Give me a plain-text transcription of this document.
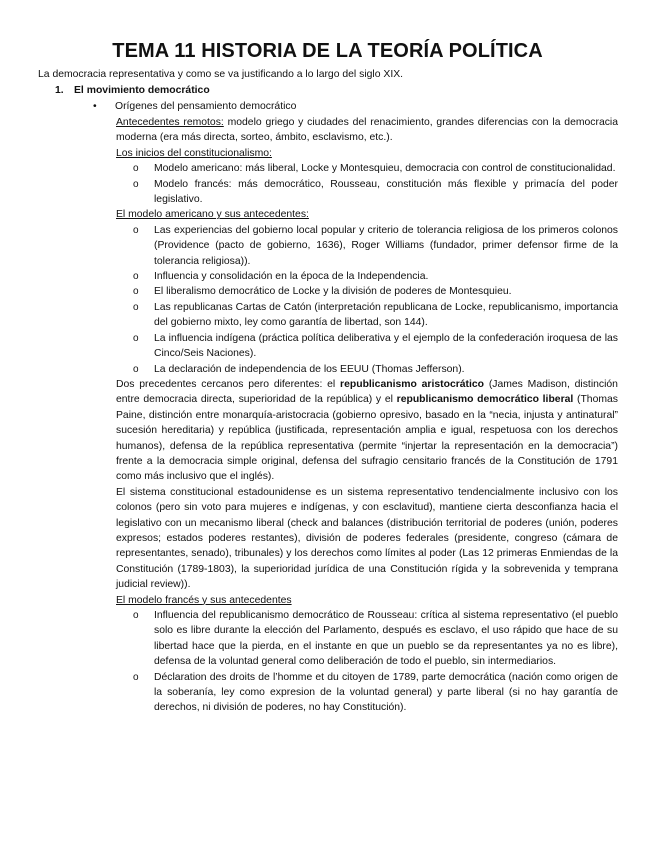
TEMA 11 HISTORIA DE LA TEORÍA POLÍTICA
La democracia representativa y como se va justificando a lo largo del siglo XIX.
1. El movimiento democrático
• Orígenes del pensamiento democrático

Antecedentes remotos: modelo griego y ciudades del renacimiento, grandes diferencias con la democracia moderna (era más directa, sorteo, ámbito, esclavismo, etc.).

Los inicios del constitucionalismo:

o Modelo americano: más liberal, Locke y Montesquieu, democracia con control de constitucionalidad.
o Modelo francés: más democrático, Rousseau, constitución más flexible y primacía del poder legislativo.

El modelo americano y sus antecedentes:

o Las experiencias del gobierno local popular y criterio de tolerancia religiosa de los primeros colonos (Providence (pacto de gobierno, 1636), Roger Williams (fundador, primer defensor firme de la tolerancia religiosa)).
o Influencia y consolidación en la época de la Independencia.
o El liberalismo democrático de Locke y la división de poderes de Montesquieu.
o Las republicanas Cartas de Catón (interpretación republicana de Locke, republicanismo, importancia del gobierno mixto, ley como garantía de libertad, son 144).
o La influencia indígena (práctica política deliberativa y el ejemplo de la confederación iroquesa de las Cinco/Seis Naciones).
o La declaración de independencia de los EEUU (Thomas Jefferson).

Dos precedentes cercanos pero diferentes: el republicanismo aristocrático (James Madison, distinción entre democracia directa, superioridad de la república) y el republicanismo democrático liberal (Thomas Paine, distinción entre monarquía-aristocracia (gobierno opresivo, basado en la “necia, injusta y antinatural” sucesión hereditaria) y república (justificada, representación amplia e igual, respetuosa con los derechos humanos), defensa de la república representativa (permite “injertar la representación en la democracia”) frente a la democracia simple original, defensa del sufragio censitario francés de la Constitución de 1791 como más inclusivo que el inglés).

El sistema constitucional estadounidense es un sistema representativo tendencialmente inclusivo con los colonos (pero sin voto para mujeres e indígenas, y con esclavitud), mantiene cierta desconfianza hacia el legislativo con un mecanismo liberal (check and balances (distribución territorial de poderes (unión, poderes expresos; estados poderes restantes), división de poderes federales (presidente, congreso (cámara de representantes, senado), tribunales) y los derechos como límites al poder (Las 12 primeras Enmiendas de la Constitución (1789-1803), la superioridad jurídica de una Constitución rígida y la sobrevenida y temprana judicial review)).

El modelo francés y sus antecedentes

o Influencia del republicanismo democrático de Rousseau: crítica al sistema representativo (el pueblo solo es libre durante la elección del Parlamento, después es esclavo, el uso rápido que hace de su libertad hace que la pierda, en el instante en que un pueblo se da representantes ya no es libre), defensa de la voluntad general como deliberación de todo el pueblo, sin intermediarios.
o Déclaration des droits de l’homme et du citoyen de 1789, parte democrática (nación como origen de la soberanía, ley como expresion de la voluntad general) y parte liberal (si no hay garantía de derechos, ni división de poderes, no hay Constitución).
